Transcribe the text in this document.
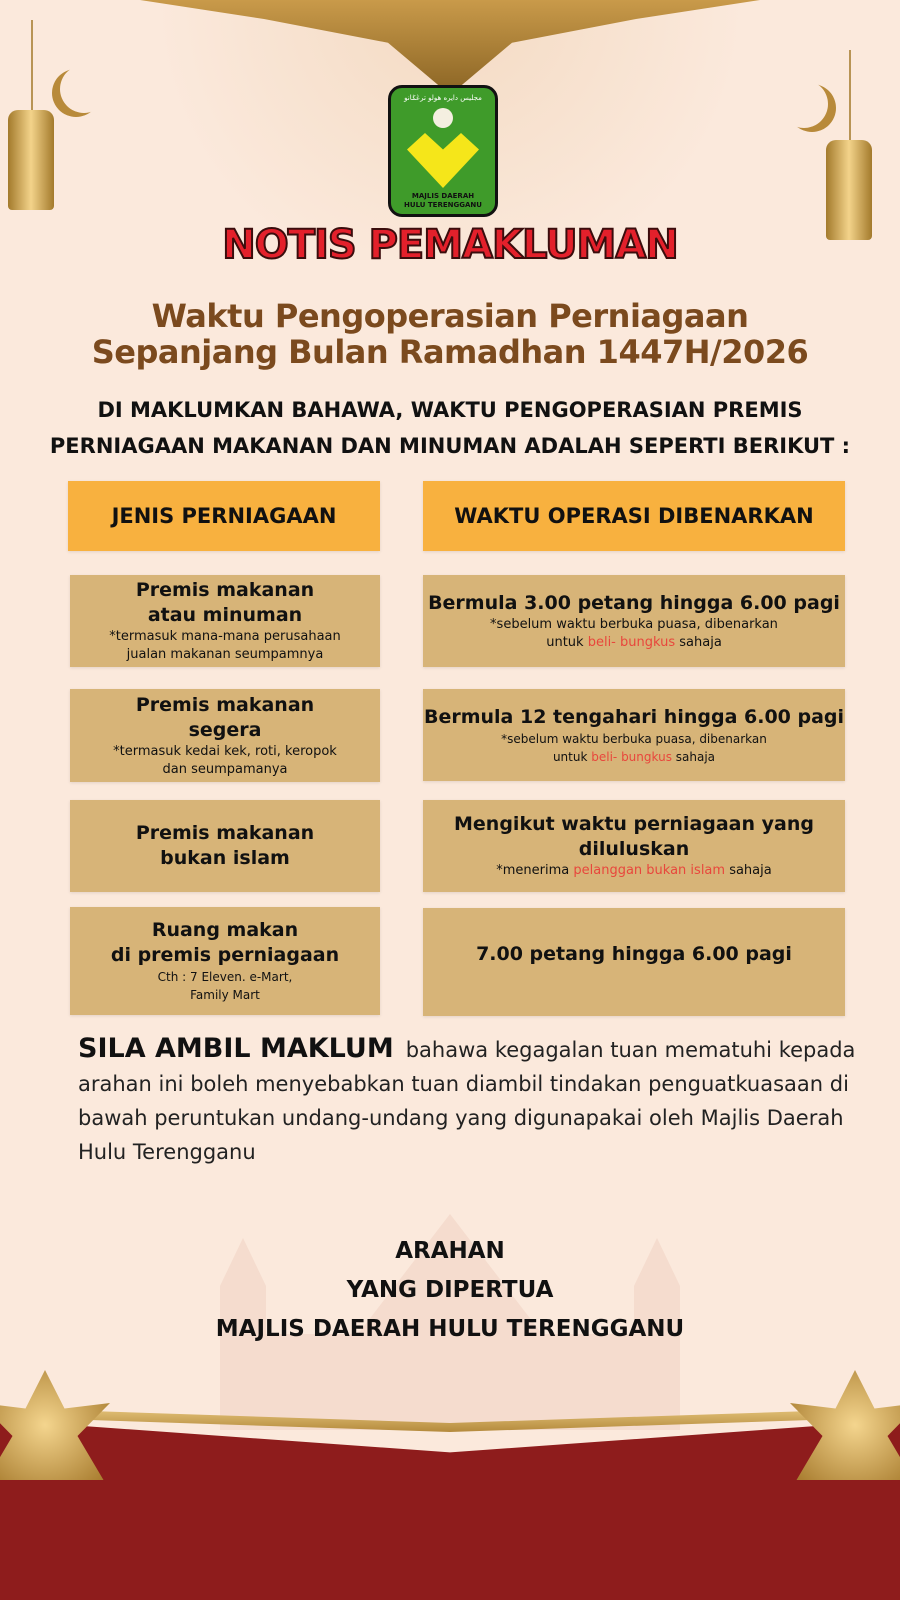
مجليس دايره هولو ترڠݢانو
MAJLIS DAERAH
HULU TERENGGANU
NOTIS PEMAKLUMAN
Waktu Pengoperasian Perniagaan
Sepanjang Bulan Ramadhan 1447H/2026
DI MAKLUMKAN BAHAWA, WAKTU PENGOPERASIAN PREMIS
PERNIAGAAN MAKANAN DAN MINUMAN ADALAH SEPERTI BERIKUT :
JENIS PERNIAGAAN	WAKTU OPERASI DIBENARKAN
Premis makanan
atau minuman
*termasuk mana-mana perusahaan
jualan makanan seumpamnya
Bermula 3.00 petang hingga 6.00 pagi
*sebelum waktu berbuka puasa, dibenarkan
untuk beli- bungkus sahaja
Premis makanan
segera
*termasuk kedai kek, roti, keropok
dan seumpamanya
Bermula 12 tengahari hingga 6.00 pagi
*sebelum waktu berbuka puasa, dibenarkan
untuk beli- bungkus sahaja
Premis makanan
bukan islam
Mengikut waktu perniagaan yang
diluluskan
*menerima pelanggan bukan islam sahaja
Ruang makan
di premis perniagaan
Cth : 7 Eleven. e-Mart,
Family Mart
7.00 petang hingga 6.00 pagi
SILA AMBIL MAKLUM bahawa kegagalan tuan mematuhi kepada arahan ini boleh menyebabkan tuan diambil tindakan penguatkuasaan di bawah peruntukan undang-undang yang digunapakai oleh Majlis Daerah Hulu Terengganu
ARAHAN
YANG DIPERTUA
MAJLIS DAERAH HULU TERENGGANU
